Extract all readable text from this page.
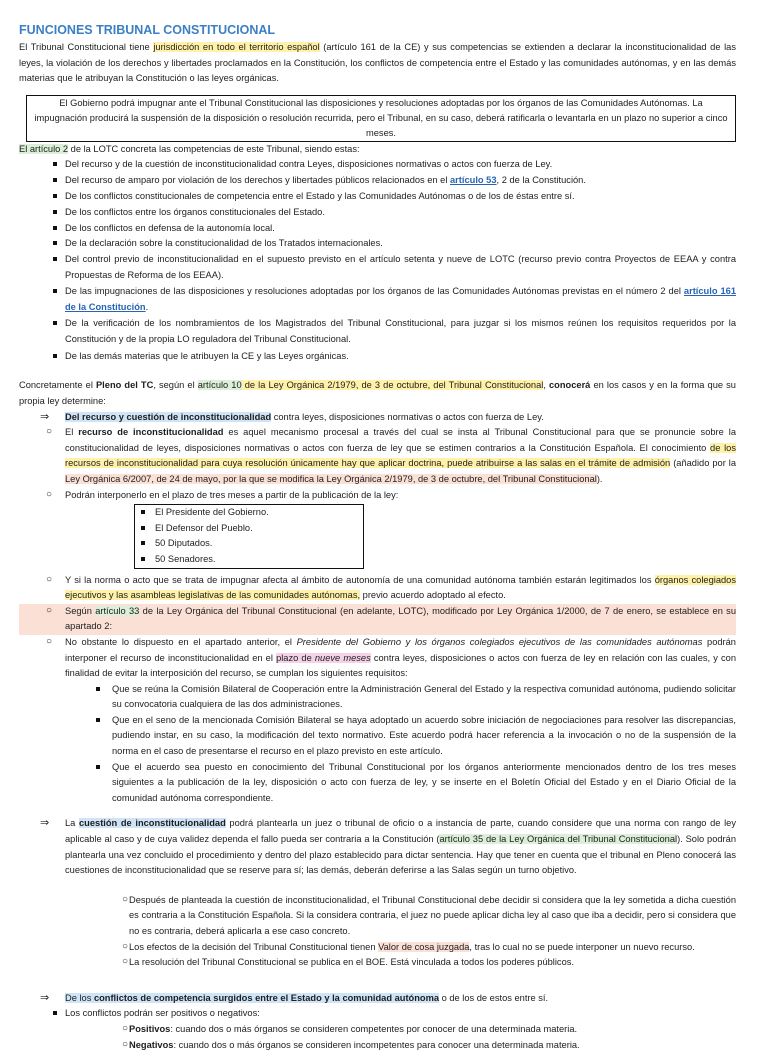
FUNCIONES TRIBUNAL CONSTITUCIONAL

El Tribunal Constitucional tiene jurisdicción en todo el territorio español (artículo 161 de la CE) y sus competencias se extienden a declarar la inconstitucionalidad de las leyes, la violación de los derechos y libertades proclamados en la Constitución, los conflictos de competencia entre el Estado y las comunidades autónomas, y en las demás materias que le atribuyan la Constitución o las leyes orgánicas.

El Gobierno podrá impugnar ante el Tribunal Constitucional las disposiciones y resoluciones adoptadas por los órganos de las Comunidades Autónomas. La impugnación producirá la suspensión de la disposición o resolución recurrida, pero el Tribunal, en su caso, deberá ratificarla o levantarla en un plazo no superior a cinco meses.

El artículo 2 de la LOTC concreta las competencias de este Tribunal, siendo estas:

Del recurso y de la cuestión de inconstitucionalidad contra Leyes, disposiciones normativas o actos con fuerza de Ley.
Del recurso de amparo por violación de los derechos y libertades públicos relacionados en el artículo 53, 2 de la Constitución.
De los conflictos constitucionales de competencia entre el Estado y las Comunidades Autónomas o de los de éstas entre sí.
De los conflictos entre los órganos constitucionales del Estado.
De los conflictos en defensa de la autonomía local.
De la declaración sobre la constitucionalidad de los Tratados internacionales.
Del control previo de inconstitucionalidad en el supuesto previsto en el artículo setenta y nueve de LOTC (recurso previo contra Proyectos de EEAA y contra Propuestas de Reforma de los EEAA).
De las impugnaciones de las disposiciones y resoluciones adoptadas por los órganos de las Comunidades Autónomas previstas en el número 2 del artículo 161 de la Constitución.
De la verificación de los nombramientos de los Magistrados del Tribunal Constitucional, para juzgar si los mismos reúnen los requisitos requeridos por la Constitución y de la propia LO reguladora del Tribunal Constitucional.
De las demás materias que le atribuyen la CE y las Leyes orgánicas.

Concretamente el Pleno del TC, según el artículo 10 de la Ley Orgánica 2/1979, de 3 de octubre, del Tribunal Constitucional, conocerá en los casos y en la forma que su propia ley determine:

⇒ Del recurso y cuestión de inconstitucionalidad contra leyes, disposiciones normativas o actos con fuerza de Ley.
○ El recurso de inconstitucionalidad es aquel mecanismo procesal a través del cual se insta al Tribunal Constitucional para que se pronuncie sobre la constitucionalidad de leyes, disposiciones normativas o actos con fuerza de ley que se estimen contrarios a la Constitución Española. El conocimiento de los recursos de inconstitucionalidad para cuya resolución únicamente hay que aplicar doctrina, puede atribuirse a las salas en el trámite de admisión (añadido por la Ley Orgánica 6/2007, de 24 de mayo, por la que se modifica la Ley Orgánica 2/1979, de 3 de octubre, del Tribunal Constitucional).
○ Podrán interponerlo en el plazo de tres meses a partir de la publicación de la ley:
El Presidente del Gobierno.
El Defensor del Pueblo.
50 Diputados.
50 Senadores.
○ Y si la norma o acto que se trata de impugnar afecta al ámbito de autonomía de una comunidad autónoma también estarán legitimados los órganos colegiados ejecutivos y las asambleas legislativas de las comunidades autónomas, previo acuerdo adoptado al efecto.
○ Según artículo 33 de la Ley Orgánica del Tribunal Constitucional (en adelante, LOTC), modificado por Ley Orgánica 1/2000, de 7 de enero, se establece en su apartado 2:
○ No obstante lo dispuesto en el apartado anterior, el Presidente del Gobierno y los órganos colegiados ejecutivos de las comunidades autónomas podrán interponer el recurso de inconstitucionalidad en el plazo de nueve meses contra leyes, disposiciones o actos con fuerza de ley en relación con las cuales, y con finalidad de evitar la interposición del recurso, se cumplan los siguientes requisitos:
Que se reúna la Comisión Bilateral de Cooperación entre la Administración General del Estado y la respectiva comunidad autónoma, pudiendo solicitar su convocatoria cualquiera de las dos administraciones.
Que en el seno de la mencionada Comisión Bilateral se haya adoptado un acuerdo sobre iniciación de negociaciones para resolver las discrepancias, pudiendo instar, en su caso, la modificación del texto normativo. Este acuerdo podrá hacer referencia a la invocación o no de la suspensión de la norma en el caso de presentarse el recurso en el plazo previsto en este artículo.
Que el acuerdo sea puesto en conocimiento del Tribunal Constitucional por los órganos anteriormente mencionados dentro de los tres meses siguientes a la publicación de la ley, disposición o acto con fuerza de ley, y se inserte en el Boletín Oficial del Estado y en el Diario Oficial de la comunidad autónoma correspondiente.
⇒ La cuestión de inconstitucionalidad podrá plantearla un juez o tribunal de oficio o a instancia de parte, cuando considere que una norma con rango de ley aplicable al caso y de cuya validez dependa el fallo pueda ser contraria a la Constitución (artículo 35 de la Ley Orgánica del Tribunal Constitucional). Solo podrán plantearla una vez concluido el procedimiento y dentro del plazo establecido para dictar sentencia. Hay que tener en cuenta que el tribunal en Pleno conocerá las cuestiones de inconstitucionalidad que se reserve para sí; las demás, deberán deferirse a las Salas según un turno objetivo.
○ Después de planteada la cuestión de inconstitucionalidad, el Tribunal Constitucional debe decidir si considera que la ley sometida a dicha cuestión es contraria a la Constitución Española. Si la considera contraria, el juez no puede aplicar dicha ley al caso que iba a decidir, pero si considera que no es contraria, deberá aplicarla a ese caso concreto.
○ Los efectos de la decisión del Tribunal Constitucional tienen Valor de cosa juzgada, tras lo cual no se puede interponer un nuevo recurso.
○ La resolución del Tribunal Constitucional se publica en el BOE. Está vinculada a todos los poderes públicos.
⇒ De los conflictos de competencia surgidos entre el Estado y la comunidad autónoma o de los de estos entre sí.
Los conflictos podrán ser positivos o negativos:
○ Positivos: cuando dos o más órganos se consideren competentes por conocer de una determinada materia.
○ Negativos: cuando dos o más órganos se consideren incompetentes para conocer una determinada materia.
